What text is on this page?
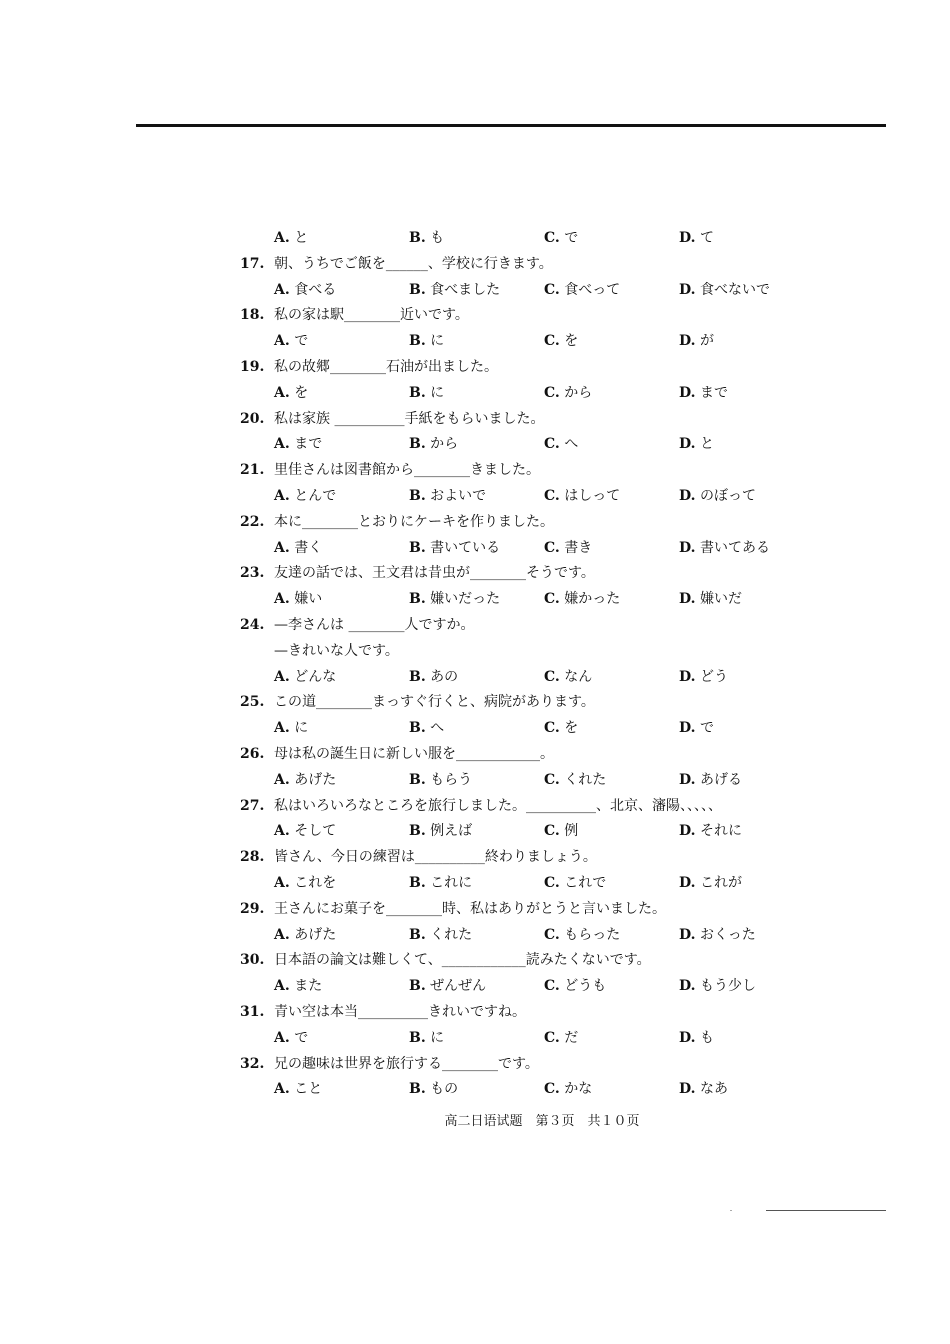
A. と	B. も	C. で	D. て
17. 朝、うちでご飯を______、学校に行きます。
A. 食べる	B. 食べました	C. 食べって	D. 食べないで
18. 私の家は駅________近いです。
A. で	B. に	C. を	D. が
19. 私の故郷________石油が出ました。
A. を	B. に	C. から	D. まで
20. 私は家族 __________手紙をもらいました。
A. まで	B. から	C. へ	D. と
21. 里佳さんは図書館から________きました。
A. とんで	B. およいで	C. はしって	D. のぼって
22. 本に________とおりにケーキを作りました。
A. 書く	B. 書いている	C. 書き	D. 書いてある
23. 友達の話では、王文君は昔虫が________そうです。
A. 嫌い	B. 嫌いだった	C. 嫌かった	D. 嫌いだ
24. —李さんは ________人ですか。
—きれいな人です。
A. どんな	B. あの	C. なん	D. どう
25. この道________まっすぐ行くと、病院があります。
A. に	B. へ	C. を	D. で
26. 母は私の誕生日に新しい服を____________。
A. あげた	B. もらう	C. くれた	D. あげる
27. 私はいろいろなところを旅行しました。__________、北京、瀋陽、、、、、
A. そして	B. 例えば	C. 例	D. それに
28. 皆さん、今日の練習は__________終わりましょう。
A. これを	B. これに	C. これで	D. これが
29. 王さんにお菓子を________時、私はありがとうと言いました。
A. あげた	B. くれた	C. もらった	D. おくった
30. 日本語の論文は難しくて、____________読みたくないです。
A. また	B. ぜんぜん	C. どうも	D. もう少し
31. 青い空は本当__________きれいですね。
A. で	B. に	C. だ	D. も
32. 兄の趣味は世界を旅行する________です。
A. こと	B. もの	C. かな	D. なあ
高二日语试题　第３页　共１０页
